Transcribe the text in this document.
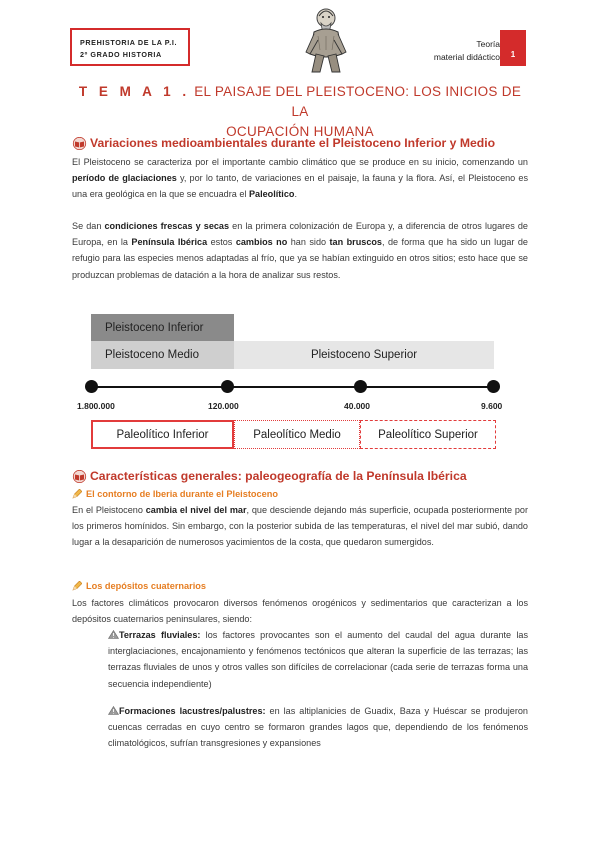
PREHISTORIA DE LA P.I.
2º GRADO HISTORIA
Teoría
material didáctico	1
T E M A 1 . EL PAISAJE DEL PLEISTOCENO: LOS INICIOS DE LA
OCUPACIÓN HUMANA
Variaciones medioambientales durante el Pleistoceno Inferior y Medio
El Pleistoceno se caracteriza por el importante cambio climático que se produce en su inicio, comenzando un período de glaciaciones y, por lo tanto, de variaciones en el paisaje, la fauna y la flora. Así, el Pleistoceno es una era geológica en la que se encuadra el Paleolítico.
Se dan condiciones frescas y secas en la primera colonización de Europa y, a diferencia de otros lugares de Europa, en la Península Ibérica estos cambios no han sido tan bruscos, de forma que ha sido un lugar de refugio para las especies menos adaptadas al frío, que ya se habían extinguido en otros sitios; esto hace que se produzcan problemas de datación a la hora de analizar sus restos.
Pleistoceno Inferior
Pleistoceno Medio	Pleistoceno Superior
1.800.000	120.000	40.000	9.600
Paleolítico Inferior	Paleolítico Medio	Paleolítico Superior
Características generales: paleogeografía de la Península Ibérica
El contorno de Iberia durante el Pleistoceno
En el Pleistoceno cambia el nivel del mar, que desciende dejando más superficie, ocupada posteriormente por los primeros homínidos. Sin embargo, con la posterior subida de las temperaturas, el nivel del mar subió, dando lugar a la desaparición de numerosos yacimientos de la costa, que quedaron sumergidos.
Los depósitos cuaternarios
Los factores climáticos provocaron diversos fenómenos orogénicos y sedimentarios que caracterizan a los depósitos cuaternarios peninsulares, siendo:
Terrazas fluviales: los factores provocantes son el aumento del caudal del agua durante las interglaciaciones, encajonamiento y fenómenos tectónicos que alteran la superficie de las terrazas; las terrazas fluviales de unos y otros valles son difíciles de correlacionar (cada serie de terrazas forma una secuencia independiente)
Formaciones lacustres/palustres: en las altiplanicies de Guadix, Baza y Huéscar se produjeron cuencas cerradas en cuyo centro se formaron grandes lagos que, dependiendo de los fenómenos climatológicos, sufrían transgresiones y expansiones
